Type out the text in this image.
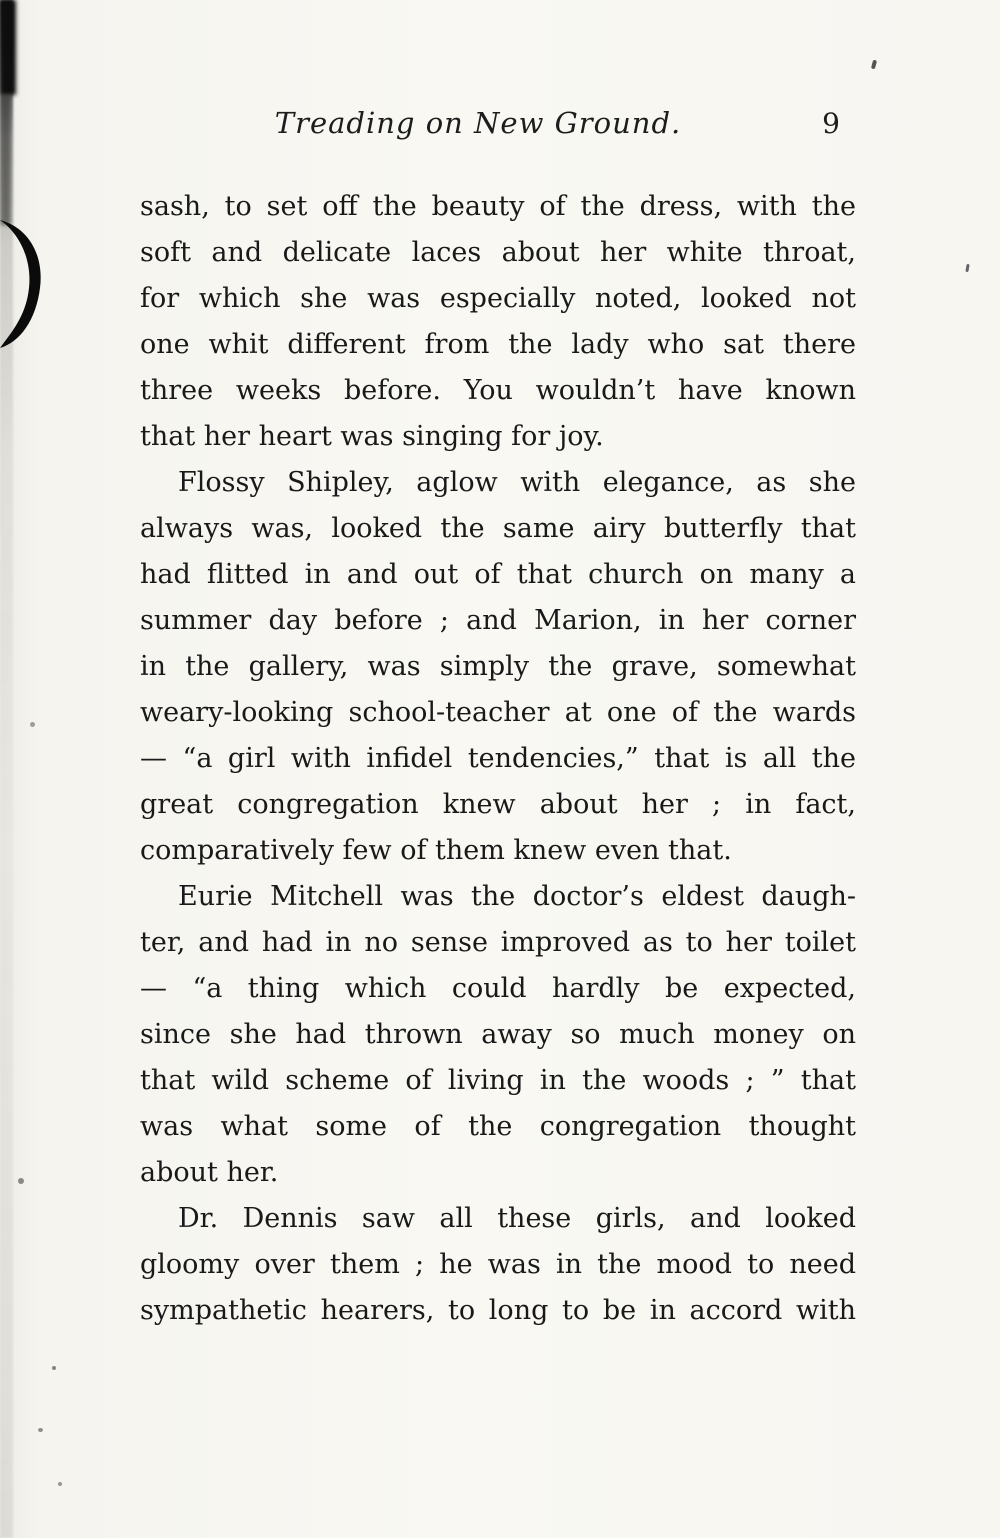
Treading on New Ground.	9
sash, to set off the beauty of the dress, with the
soft and delicate laces about her white throat,
for which she was especially noted, looked not
one whit different from the lady who sat there
three weeks before. You wouldn’t have known
that her heart was singing for joy.
Flossy Shipley, aglow with elegance, as she
always was, looked the same airy butterfly that
had flitted in and out of that church on many a
summer day before ; and Marion, in her corner
in the gallery, was simply the grave, somewhat
weary-looking school-teacher at one of the wards
— “a girl with infidel tendencies,” that is all the
great congregation knew about her ; in fact,
comparatively few of them knew even that.
Eurie Mitchell was the doctor’s eldest daugh-
ter, and had in no sense improved as to her toilet
— “a thing which could hardly be expected,
since she had thrown away so much money on
that wild scheme of living in the woods ; ” that
was what some of the congregation thought
about her.
Dr. Dennis saw all these girls, and looked
gloomy over them ; he was in the mood to need
sympathetic hearers, to long to be in accord with
